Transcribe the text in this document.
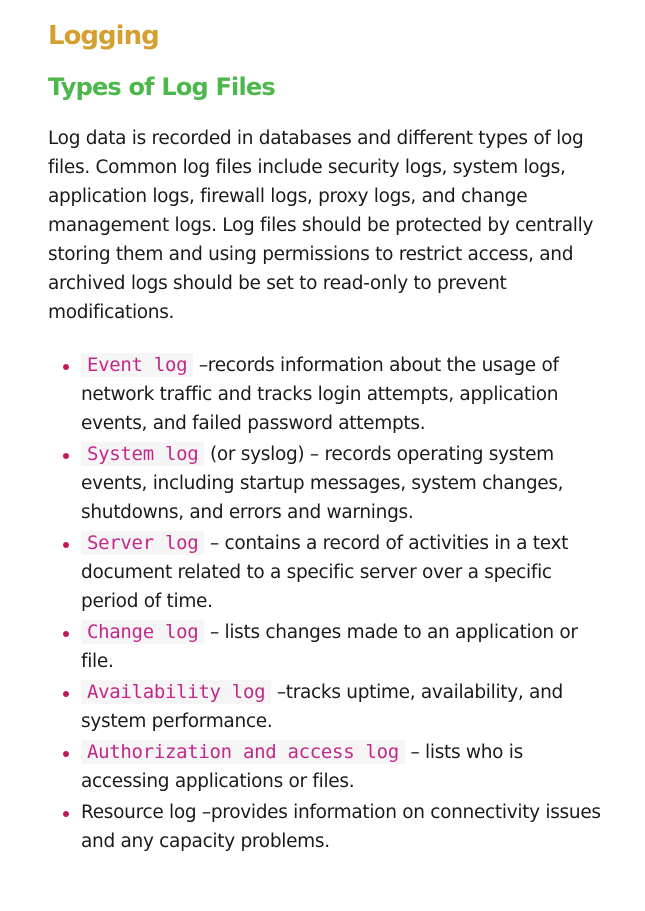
Logging
Types of Log Files

Log data is recorded in databases and different types of log files. Common log files include security logs, system logs, application logs, firewall logs, proxy logs, and change management logs. Log files should be protected by centrally storing them and using permissions to restrict access, and archived logs should be set to read-only to prevent modifications.

Event log –records information about the usage of network traffic and tracks login attempts, application events, and failed password attempts.
System log (or syslog) – records operating system events, including startup messages, system changes, shutdowns, and errors and warnings.
Server log – contains a record of activities in a text document related to a specific server over a specific period of time.
Change log – lists changes made to an application or file.
Availability log –tracks uptime, availability, and system performance.
Authorization and access log – lists who is accessing applications or files.
Resource log –provides information on connectivity issues and any capacity problems.
